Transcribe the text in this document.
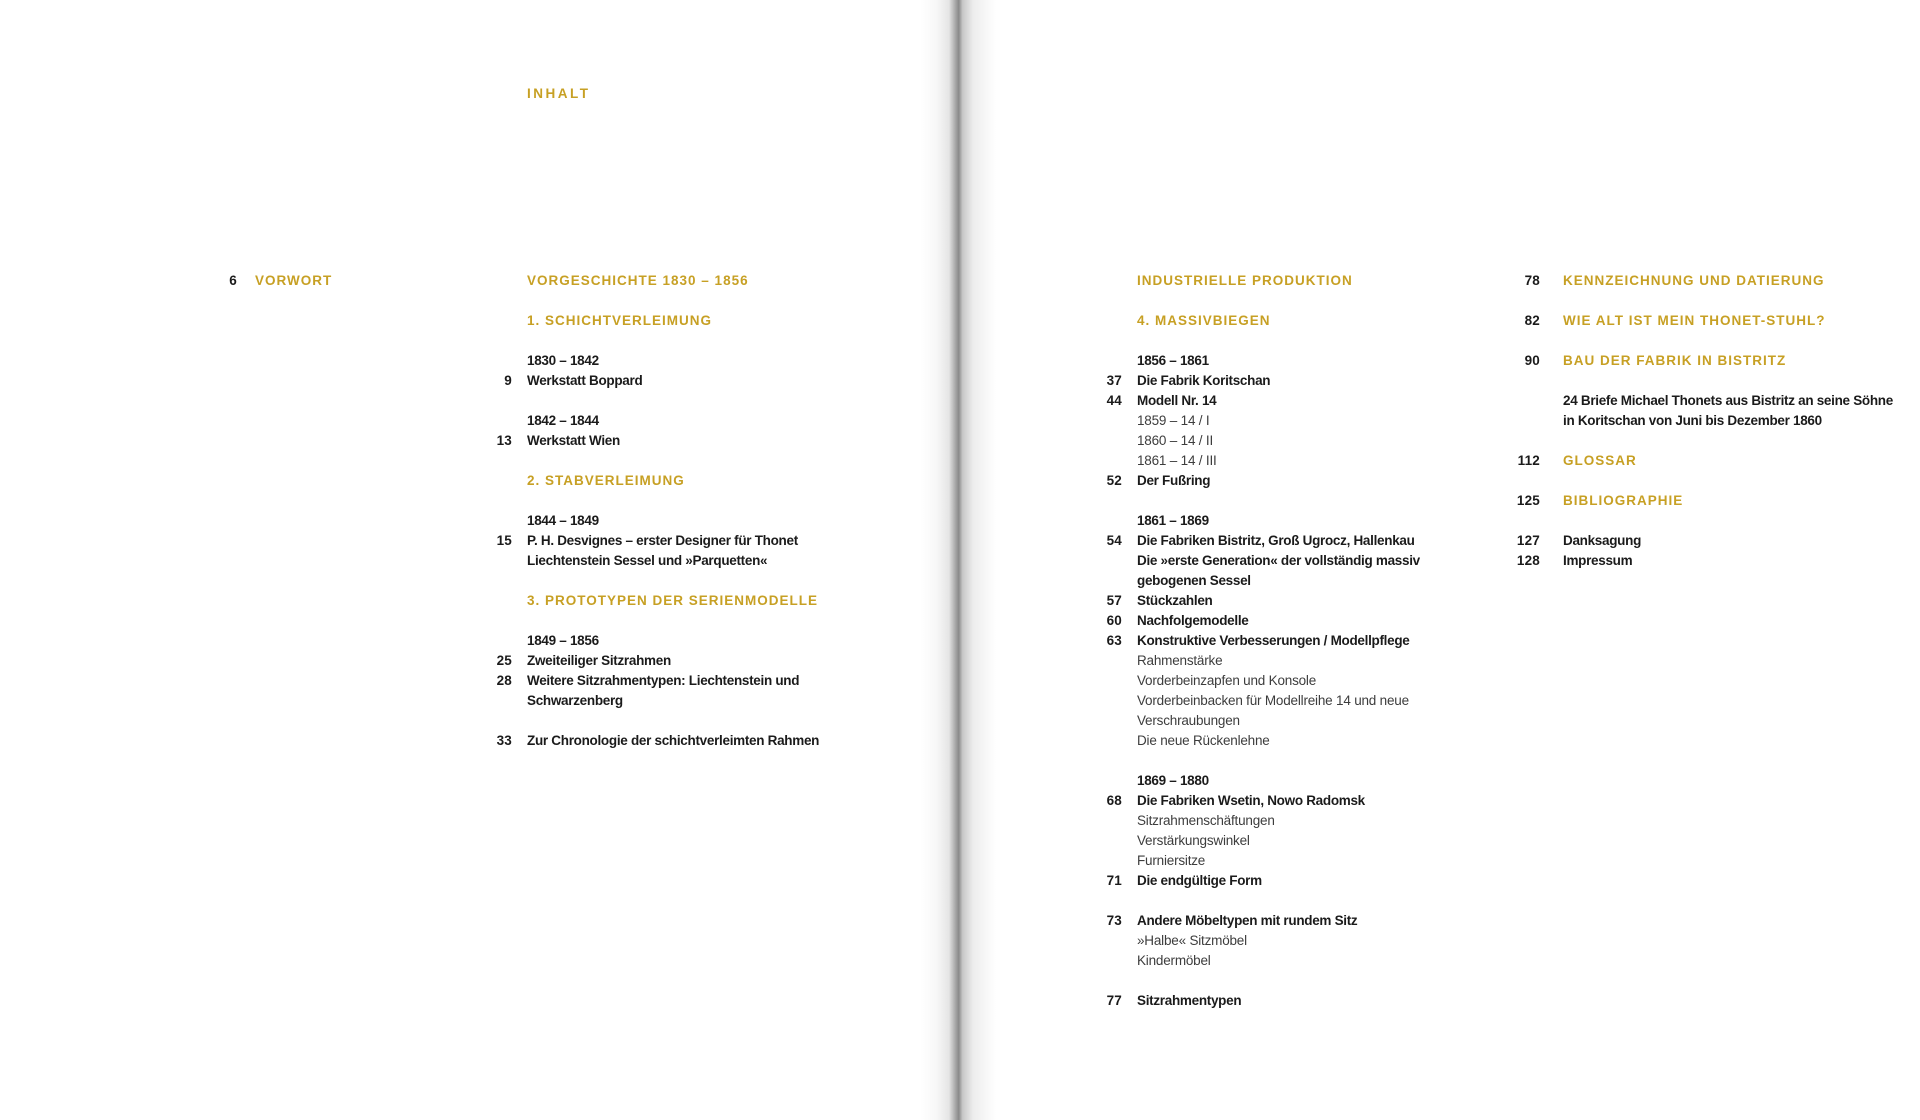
INHALT
6 VORWORT	VORGESCHICHTE 1830 – 1856
1. SCHICHTVERLEIMUNG
1830 – 1842
9 Werkstatt Boppard
1842 – 1844
13 Werkstatt Wien
2. STABVERLEIMUNG
1844 – 1849
15 P. H. Desvignes – erster Designer für Thonet
Liechtenstein Sessel und »Parquetten«
3. PROTOTYPEN DER SERIENMODELLE
1849 – 1856
25 Zweiteiliger Sitzrahmen
28 Weitere Sitzrahmentypen: Liechtenstein und
Schwarzenberg
33 Zur Chronologie der schichtverleimten Rahmen
INDUSTRIELLE PRODUKTION
4. MASSIVBIEGEN
1856 – 1861
37 Die Fabrik Koritschan
44 Modell Nr. 14
1859 – 14 / I
1860 – 14 / II
1861 – 14 / III
52 Der Fußring
1861 – 1869
54 Die Fabriken Bistritz, Groß Ugrocz, Hallenkau
Die »erste Generation« der vollständig massiv
gebogenen Sessel
57 Stückzahlen
60 Nachfolgemodelle
63 Konstruktive Verbesserungen / Modellpflege
Rahmenstärke
Vorderbeinzapfen und Konsole
Vorderbeinbacken für Modellreihe 14 und neue
Verschraubungen
Die neue Rückenlehne
1869 – 1880
68 Die Fabriken Wsetin, Nowo Radomsk
Sitzrahmenschäftungen
Verstärkungswinkel
Furniersitze
71 Die endgültige Form
73 Andere Möbeltypen mit rundem Sitz
»Halbe« Sitzmöbel
Kindermöbel
77 Sitzrahmentypen
78 KENNZEICHNUNG UND DATIERUNG
82 WIE ALT IST MEIN THONET-STUHL?
90 BAU DER FABRIK IN BISTRITZ
24 Briefe Michael Thonets aus Bistritz an seine Söhne
in Koritschan von Juni bis Dezember 1860
112 GLOSSAR
125 BIBLIOGRAPHIE
127 Danksagung
128 Impressum
